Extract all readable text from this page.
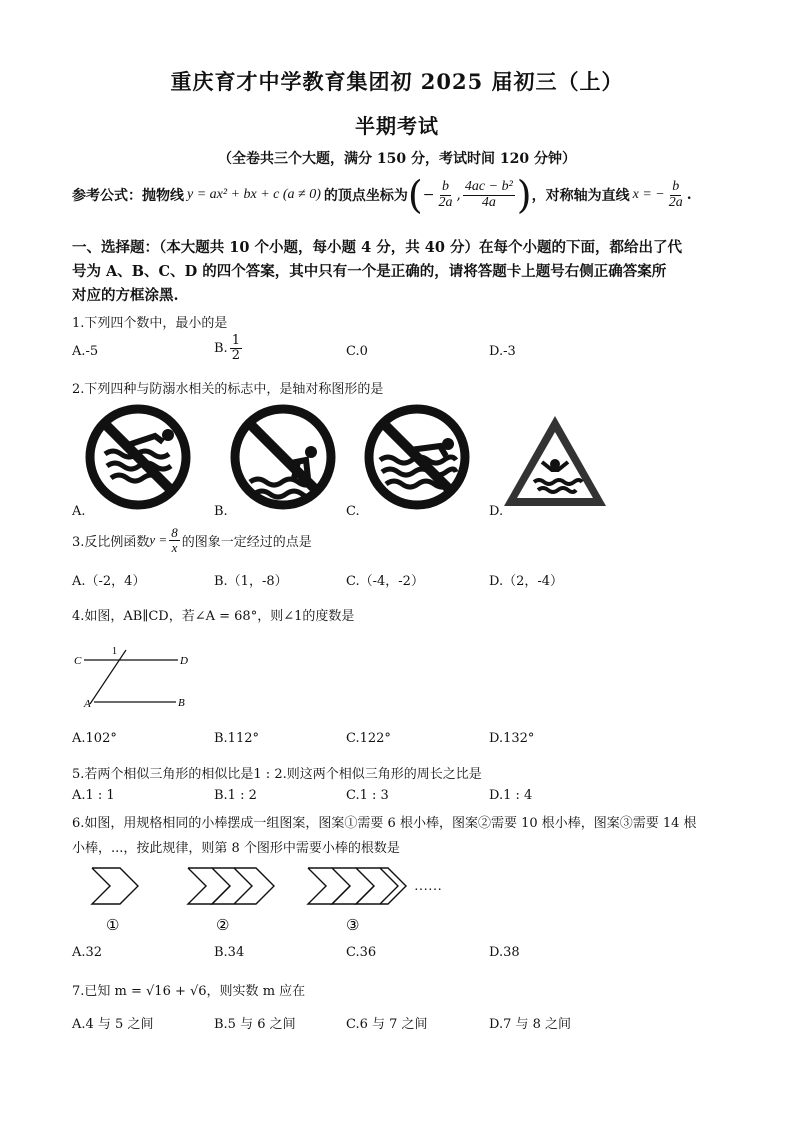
重庆育才中学教育集团初 2025 届初三（上）
半期考试
（全卷共三个大题，满分 150 分，考试时间 120 分钟）
参考公式：抛物线 y = ax² + bx + c (a ≠ 0) 的顶点坐标为 ( − $\frac{b}{2a}$ , $\frac{\text{4ac − b²}}{4a}$ ) ，对称轴为直线 x = − $\frac{b}{2a}$ .
一、选择题：（本大题共 10 个小题，每小题 4 分，共 40 分）在每个小题的下面，都给出了代
号为 A、B、C、D 的四个答案，其中只有一个是正确的，请将答题卡上题号右侧正确答案所
对应的方框涂黑.
1.下列四个数中，最小的是
A.-5	B. $\frac{1}{2}$	C.0	D.-3
2.下列四种与防溺水相关的标志中，是轴对称图形的是
A.	B.	C.	D.
3.反比例函数 $y = \frac{8}{x}$ 的图象一定经过的点是
A.（-2，4）	B.（1，-8）	C.（-4，-2）	D.（2，-4）
4.如图，AB∥CD，若∠A = 68°，则∠1的度数是
C	D
A	B
1
A.102°	B.112°	C.122°	D.132°
5.若两个相似三角形的相似比是1 : 2.则这两个相似三角形的周长之比是
A.1 : 1	B.1 : 2	C.1 : 3	D.1 : 4
6.如图，用规格相同的小棒摆成一组图案，图案①需要 6 根小棒，图案②需要 10 根小棒，图案③需要 14 根
小棒，...，按此规律，则第 8 个图形中需要小棒的根数是
……
①	②	③
A.32	B.34	C.36	D.38
7.已知 m = √16 + √6，则实数 m 应在
A.4 与 5 之间	B.5 与 6 之间	C.6 与 7 之间	D.7 与 8 之间
